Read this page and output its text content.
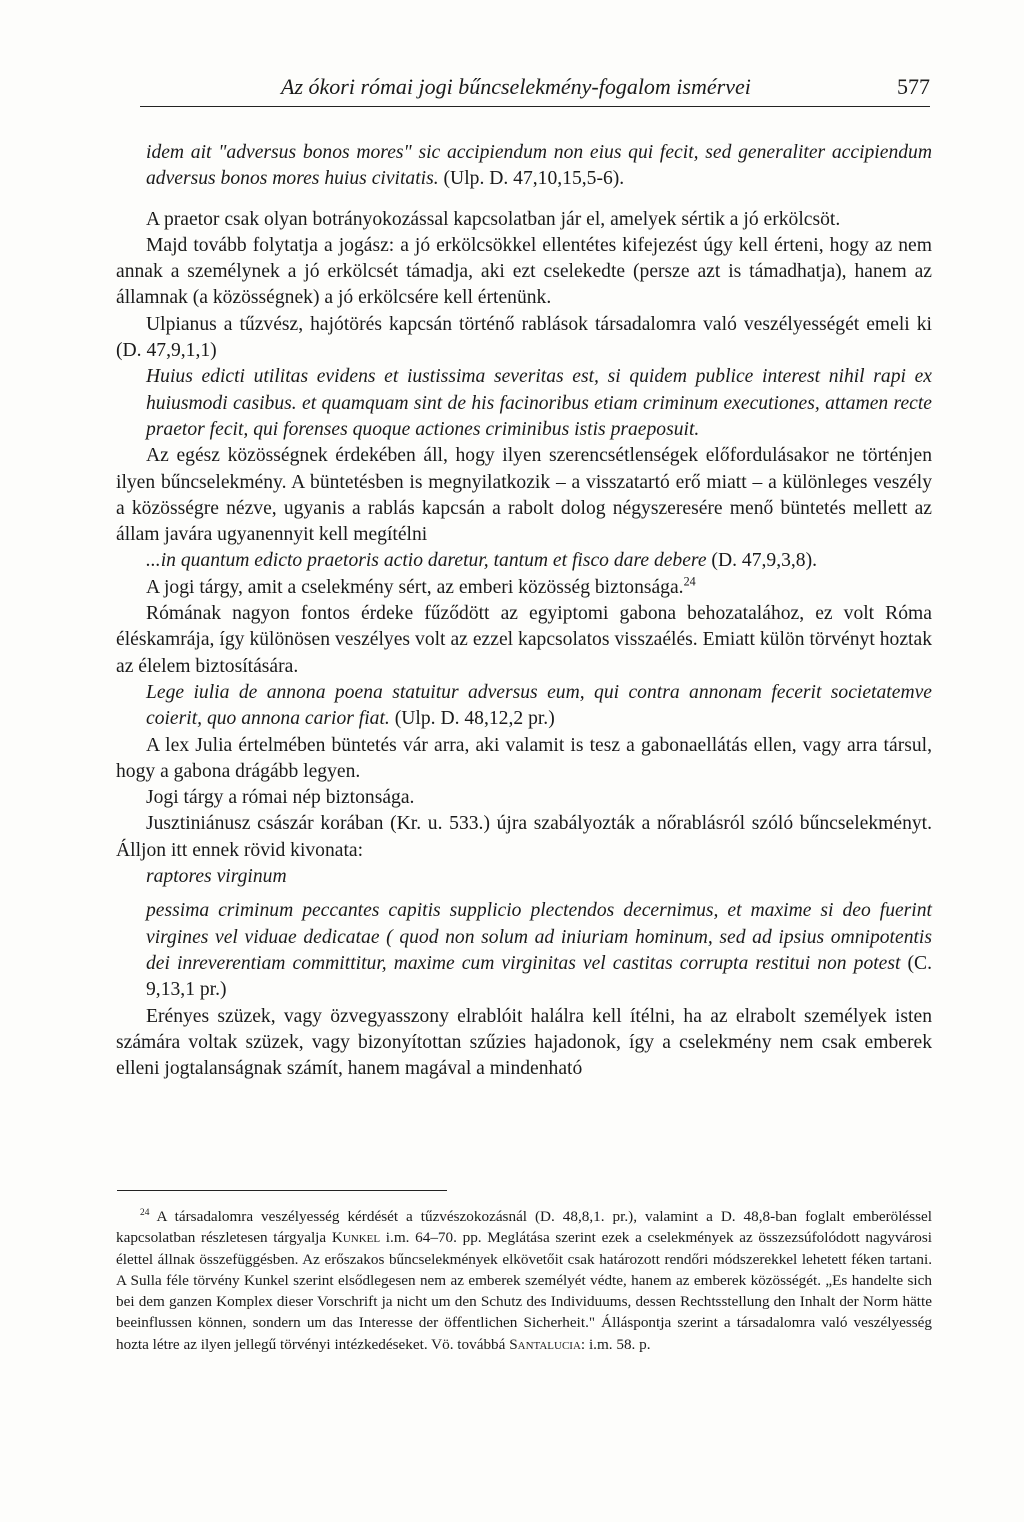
Az ókori római jogi bűncselekmény-fogalom ismérvei	577

idem ait "adversus bonos mores" sic accipiendum non eius qui fecit, sed generaliter accipiendum adversus bonos mores huius civitatis. (Ulp. D. 47,10,15,5-6).

A praetor csak olyan botrányokozással kapcsolatban jár el, amelyek sértik a jó erkölcsöt.

Majd tovább folytatja a jogász: a jó erkölcsökkel ellentétes kifejezést úgy kell érteni, hogy az nem annak a személynek a jó erkölcsét támadja, aki ezt cselekedte (persze azt is támadhatja), hanem az államnak (a közösségnek) a jó erkölcsére kell értenünk.

Ulpianus a tűzvész, hajótörés kapcsán történő rablások társadalomra való veszélyességét emeli ki (D. 47,9,1,1)

Huius edicti utilitas evidens et iustissima severitas est, si quidem publice interest nihil rapi ex huiusmodi casibus. et quamquam sint de his facinoribus etiam criminum executiones, attamen recte praetor fecit, qui forenses quoque actiones criminibus istis praeposuit.

Az egész közösségnek érdekében áll, hogy ilyen szerencsétlenségek előfordulásakor ne történjen ilyen bűncselekmény. A büntetésben is megnyilatkozik – a visszatartó erő miatt – a különleges veszély a közösségre nézve, ugyanis a rablás kapcsán a rabolt dolog négyszeresére menő büntetés mellett az állam javára ugyanennyit kell megítélni

...in quantum edicto praetoris actio daretur, tantum et fisco dare debere (D. 47,9,3,8).

A jogi tárgy, amit a cselekmény sért, az emberi közösség biztonsága.$^{24}$

Rómának nagyon fontos érdeke fűződött az egyiptomi gabona behozatalához, ez volt Róma éléskamrája, így különösen veszélyes volt az ezzel kapcsolatos visszaélés. Emiatt külön törvényt hoztak az élelem biztosítására.

Lege iulia de annona poena statuitur adversus eum, qui contra annonam fecerit societatemve coierit, quo annona carior fiat. (Ulp. D. 48,12,2 pr.)

A lex Julia értelmében büntetés vár arra, aki valamit is tesz a gabonaellátás ellen, vagy arra társul, hogy a gabona drágább legyen.

Jogi tárgy a római nép biztonsága.

Jusztiniánusz császár korában (Kr. u. 533.) újra szabályozták a nőrablásról szóló bűncselekményt. Álljon itt ennek rövid kivonata:

raptores virginum

pessima criminum peccantes capitis supplicio plectendos decernimus, et maxime si deo fuerint virgines vel viduae dedicatae ( quod non solum ad iniuriam hominum, sed ad ipsius omnipotentis dei inreverentiam committitur, maxime cum virginitas vel castitas corrupta restitui non potest (C. 9,13,1 pr.)

Erényes szüzek, vagy özvegyasszony elrablóit halálra kell ítélni, ha az elrabolt személyek isten számára voltak szüzek, vagy bizonyítottan szűzies hajadonok, így a cselekmény nem csak emberek elleni jogtalanságnak számít, hanem magával a mindenható

$^{24}$ A társadalomra veszélyesség kérdését a tűzvészokozásnál (D. 48,8,1. pr.), valamint a D. 48,8-ban foglalt emberöléssel kapcsolatban részletesen tárgyalja Kunkel i.m. 64–70. pp. Meglátása szerint ezek a cselekmények az összezsúfolódott nagyvárosi élettel állnak összefüggésben. Az erőszakos bűncselekmények elkövetőit csak határozott rendőri módszerekkel lehetett féken tartani. A Sulla féle törvény Kunkel szerint elsődlegesen nem az emberek személyét védte, hanem az emberek közösségét. „Es handelte sich bei dem ganzen Komplex dieser Vorschrift ja nicht um den Schutz des Individuums, dessen Rechtsstellung den Inhalt der Norm hätte beeinflussen können, sondern um das Interesse der öffentlichen Sicherheit." Álláspontja szerint a társadalomra való veszélyesség hozta létre az ilyen jellegű törvényi intézkedéseket. Vö. továbbá Santalucia: i.m. 58. p.
